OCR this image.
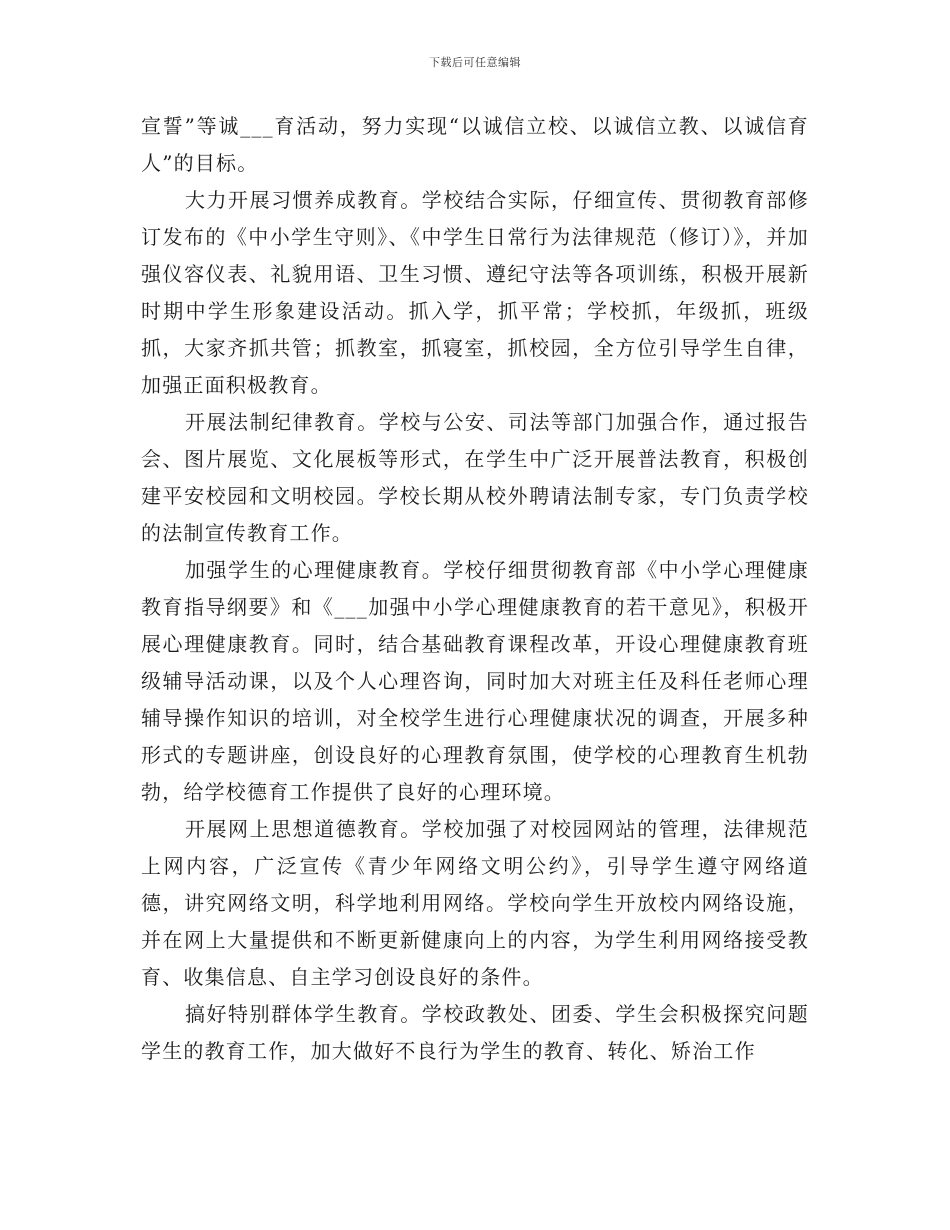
下载后可任意编辑

宣誓”等诚___育活动，努力实现“以诚信立校、以诚信立教、以诚信育人”的目标。

大力开展习惯养成教育。学校结合实际，仔细宣传、贯彻教育部修订发布的《中小学生守则》、《中学生日常行为法律规范（修订）》，并加强仪容仪表、礼貌用语、卫生习惯、遵纪守法等各项训练，积极开展新时期中学生形象建设活动。抓入学，抓平常；学校抓，年级抓，班级抓，大家齐抓共管；抓教室，抓寝室，抓校园，全方位引导学生自律，加强正面积极教育。

开展法制纪律教育。学校与公安、司法等部门加强合作，通过报告会、图片展览、文化展板等形式，在学生中广泛开展普法教育，积极创建平安校园和文明校园。学校长期从校外聘请法制专家，专门负责学校的法制宣传教育工作。

加强学生的心理健康教育。学校仔细贯彻教育部《中小学心理健康教育指导纲要》和《___加强中小学心理健康教育的若干意见》，积极开展心理健康教育。同时，结合基础教育课程改革，开设心理健康教育班级辅导活动课，以及个人心理咨询，同时加大对班主任及科任老师心理辅导操作知识的培训，对全校学生进行心理健康状况的调查，开展多种形式的专题讲座，创设良好的心理教育氛围，使学校的心理教育生机勃勃，给学校德育工作提供了良好的心理环境。

开展网上思想道德教育。学校加强了对校园网站的管理，法律规范上网内容，广泛宣传《青少年网络文明公约》，引导学生遵守网络道德，讲究网络文明，科学地利用网络。学校向学生开放校内网络设施，并在网上大量提供和不断更新健康向上的内容，为学生利用网络接受教育、收集信息、自主学习创设良好的条件。

搞好特别群体学生教育。学校政教处、团委、学生会积极探究问题学生的教育工作，加大做好不良行为学生的教育、转化、矫治工作
